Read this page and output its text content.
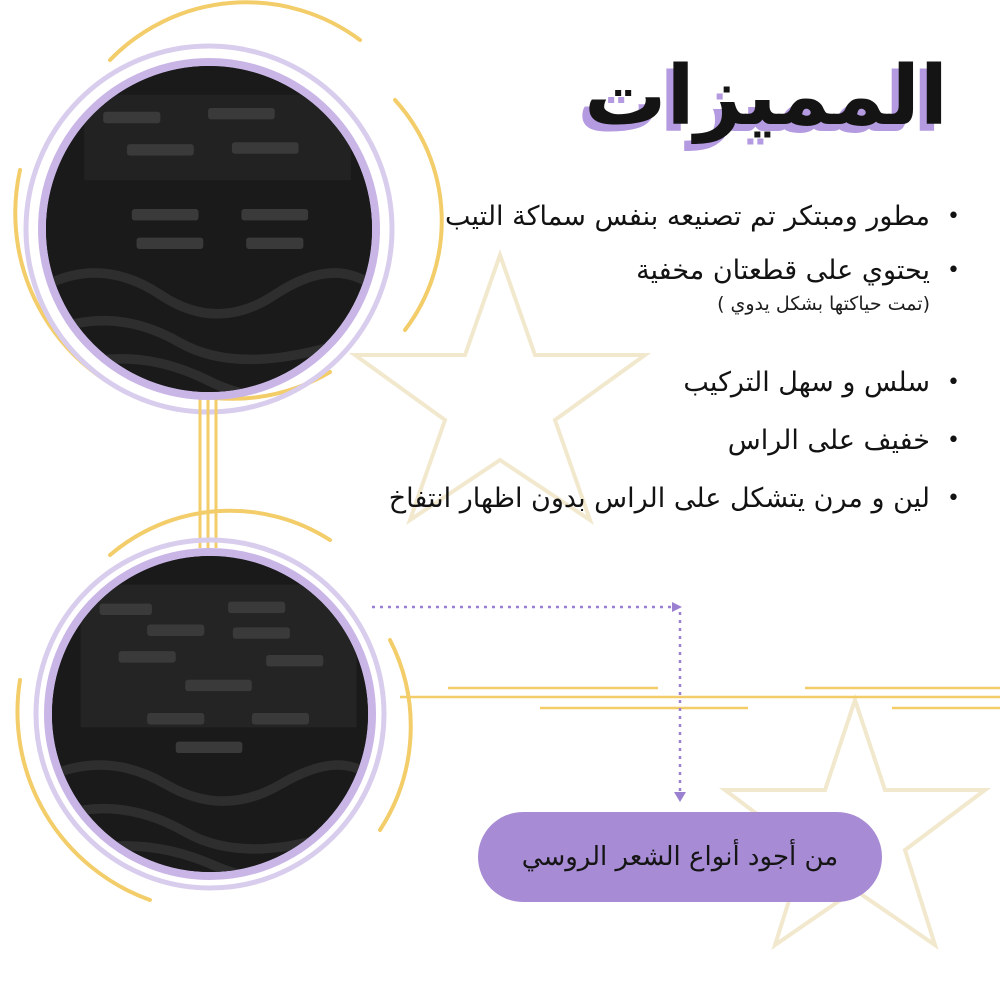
المميزات
•
مطور ومبتكر تم تصنيعه بنفس سماكة التيب
•
يحتوي على قطعتان مخفية
(تمت حياكتها بشكل يدوي )
•
سلس و سهل التركيب
•
خفيف على الراس
•
لين و مرن يتشكل على الراس بدون اظهار انتفاخ
من أجود أنواع الشعر الروسي
